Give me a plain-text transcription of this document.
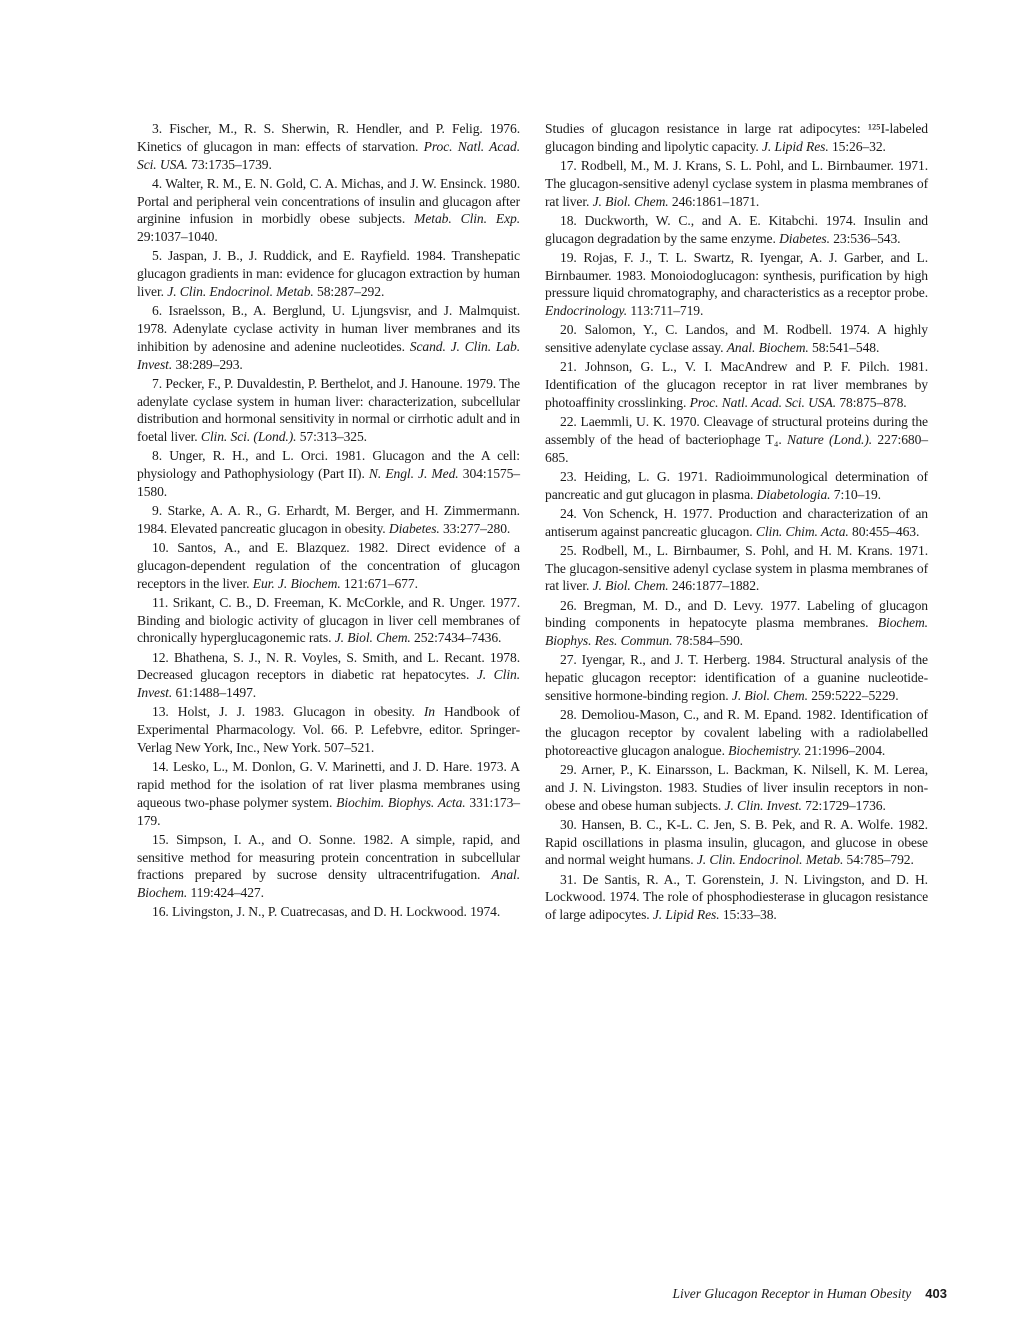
3 . Fischer, M., R. S. Sherwin, R. Hendler, and P. Felig. 1976. Kinetics of glucagon in man: effects of starvation. Proc. Natl. Acad. Sci. USA. 73:1735–1739.

4 . Walter, R. M., E. N. Gold, C. A. Michas, and J. W. Ensinck. 1980. Portal and peripheral vein concentrations of insulin and glucagon after arginine infusion in morbidly obese subjects. Metab. Clin. Exp. 29:1037–1040.

5 . Jaspan, J. B., J. Ruddick, and E. Rayfield. 1984. Transhepatic glucagon gradients in man: evidence for glucagon extraction by human liver. J. Clin. Endocrinol. Metab. 58:287–292.

6 . Israelsson, B., A. Berglund, U. Ljungsvisr, and J. Malmquist. 1978. Adenylate cyclase activity in human liver membranes and its inhibition by adenosine and adenine nucleotides. Scand. J. Clin. Lab. Invest. 38:289–293.

7 . Pecker, F., P. Duvaldestin, P. Berthelot, and J. Hanoune. 1979. The adenylate cyclase system in human liver: characterization, subcellular distribution and hormonal sensitivity in normal or cirrhotic adult and in foetal liver. Clin. Sci. (Lond.). 57:313–325.

8 . Unger, R. H., and L. Orci. 1981. Glucagon and the A cell: physiology and Pathophysiology (Part II). N. Engl. J. Med. 304:1575–1580.

9 . Starke, A. A. R., G. Erhardt, M. Berger, and H. Zimmermann. 1984. Elevated pancreatic glucagon in obesity. Diabetes. 33:277–280.

10 . Santos, A., and E. Blazquez. 1982. Direct evidence of a glucagon-dependent regulation of the concentration of glucagon receptors in the liver. Eur. J. Biochem. 121:671–677.

11 . Srikant, C. B., D. Freeman, K. McCorkle, and R. Unger. 1977. Binding and biologic activity of glucagon in liver cell membranes of chronically hyperglucagonemic rats. J. Biol. Chem. 252:7434–7436.

12 . Bhathena, S. J., N. R. Voyles, S. Smith, and L. Recant. 1978. Decreased glucagon receptors in diabetic rat hepatocytes. J. Clin. Invest. 61:1488–1497.

13 . Holst, J. J. 1983. Glucagon in obesity. In Handbook of Experimental Pharmacology. Vol. 66. P. Lefebvre, editor. Springer-Verlag New York, Inc., New York. 507–521.

14 . Lesko, L., M. Donlon, G. V. Marinetti, and J. D. Hare. 1973. A rapid method for the isolation of rat liver plasma membranes using aqueous two-phase polymer system. Biochim. Biophys. Acta. 331:173–179.

15 . Simpson, I. A., and O. Sonne. 1982. A simple, rapid, and sensitive method for measuring protein concentration in subcellular fractions prepared by sucrose density ultracentrifugation. Anal. Biochem. 119:424–427.

16 . Livingston, J. N., P. Cuatrecasas, and D. H. Lockwood. 1974.

Studies of glucagon resistance in large rat adipocytes: ¹²⁵I-labeled glucagon binding and lipolytic capacity. J. Lipid Res. 15:26–32.

17 . Rodbell, M., M. J. Krans, S. L. Pohl, and L. Birnbaumer. 1971. The glucagon-sensitive adenyl cyclase system in plasma membranes of rat liver. J. Biol. Chem. 246:1861–1871.

18 . Duckworth, W. C., and A. E. Kitabchi. 1974. Insulin and glucagon degradation by the same enzyme. Diabetes. 23:536–543.

19 . Rojas, F. J., T. L. Swartz, R. Iyengar, A. J. Garber, and L. Birnbaumer. 1983. Monoiodoglucagon: synthesis, purification by high pressure liquid chromatography, and characteristics as a receptor probe. Endocrinology. 113:711–719.

20 . Salomon, Y., C. Landos, and M. Rodbell. 1974. A highly sensitive adenylate cyclase assay. Anal. Biochem. 58:541–548.

21 . Johnson, G. L., V. I. MacAndrew and P. F. Pilch. 1981. Identification of the glucagon receptor in rat liver membranes by photoaffinity crosslinking. Proc. Natl. Acad. Sci. USA. 78:875–878.

22 . Laemmli, U. K. 1970. Cleavage of structural proteins during the assembly of the head of bacteriophage T₄. Nature (Lond.). 227:680–685.

23 . Heiding, L. G. 1971. Radioimmunological determination of pancreatic and gut glucagon in plasma. Diabetologia. 7:10–19.

24 . Von Schenck, H. 1977. Production and characterization of an antiserum against pancreatic glucagon. Clin. Chim. Acta. 80:455–463.

25 . Rodbell, M., L. Birnbaumer, S. Pohl, and H. M. Krans. 1971. The glucagon-sensitive adenyl cyclase system in plasma membranes of rat liver. J. Biol. Chem. 246:1877–1882.

26 . Bregman, M. D., and D. Levy. 1977. Labeling of glucagon binding components in hepatocyte plasma membranes. Biochem. Biophys. Res. Commun. 78:584–590.

27 . Iyengar, R., and J. T. Herberg. 1984. Structural analysis of the hepatic glucagon receptor: identification of a guanine nucleotide-sensitive hormone-binding region. J. Biol. Chem. 259:5222–5229.

28 . Demoliou-Mason, C., and R. M. Epand. 1982. Identification of the glucagon receptor by covalent labeling with a radiolabelled photoreactive glucagon analogue. Biochemistry. 21:1996–2004.

29 . Arner, P., K. Einarsson, L. Backman, K. Nilsell, K. M. Lerea, and J. N. Livingston. 1983. Studies of liver insulin receptors in non-obese and obese human subjects. J. Clin. Invest. 72:1729–1736.

30 . Hansen, B. C., K-L. C. Jen, S. B. Pek, and R. A. Wolfe. 1982. Rapid oscillations in plasma insulin, glucagon, and glucose in obese and normal weight humans. J. Clin. Endocrinol. Metab. 54:785–792.

31 . De Santis, R. A., T. Gorenstein, J. N. Livingston, and D. H. Lockwood. 1974. The role of phosphodiesterase in glucagon resistance of large adipocytes. J. Lipid Res. 15:33–38.

Liver Glucagon Receptor in Human Obesity 403
